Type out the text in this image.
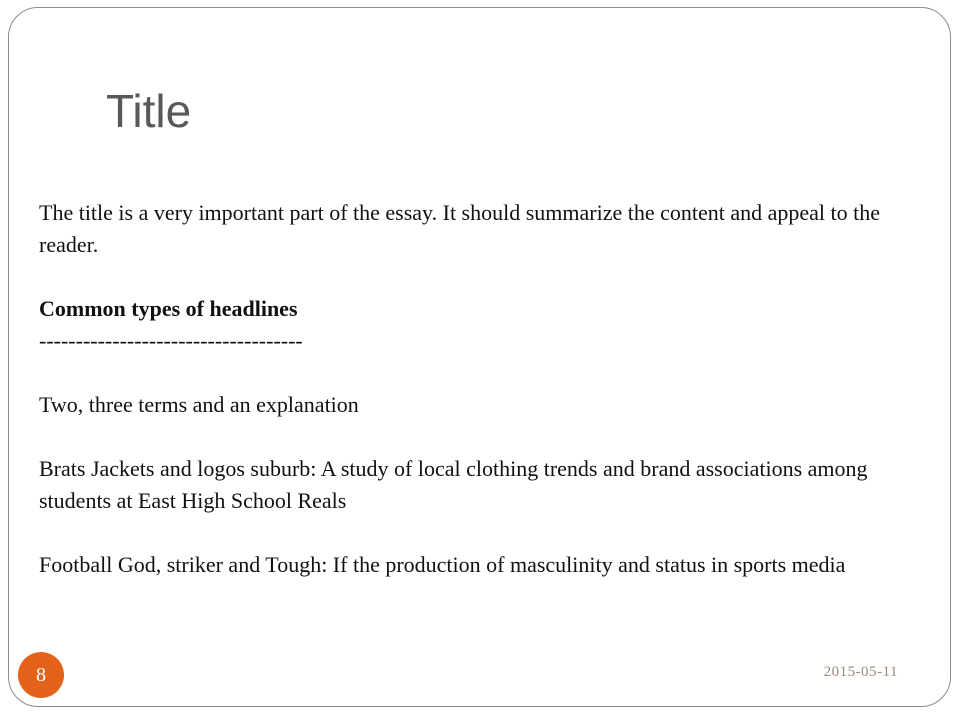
Title

The title is a very important part of the essay. It should summarize the content and appeal to the reader.

Common types of headlines

------------------------------------

Two, three terms and an explanation

Brats Jackets and logos suburb: A study of local clothing trends and brand associations among students at East High School Reals

Football God, striker and Tough: If the production of masculinity and status in sports media

8	2015-05-11
